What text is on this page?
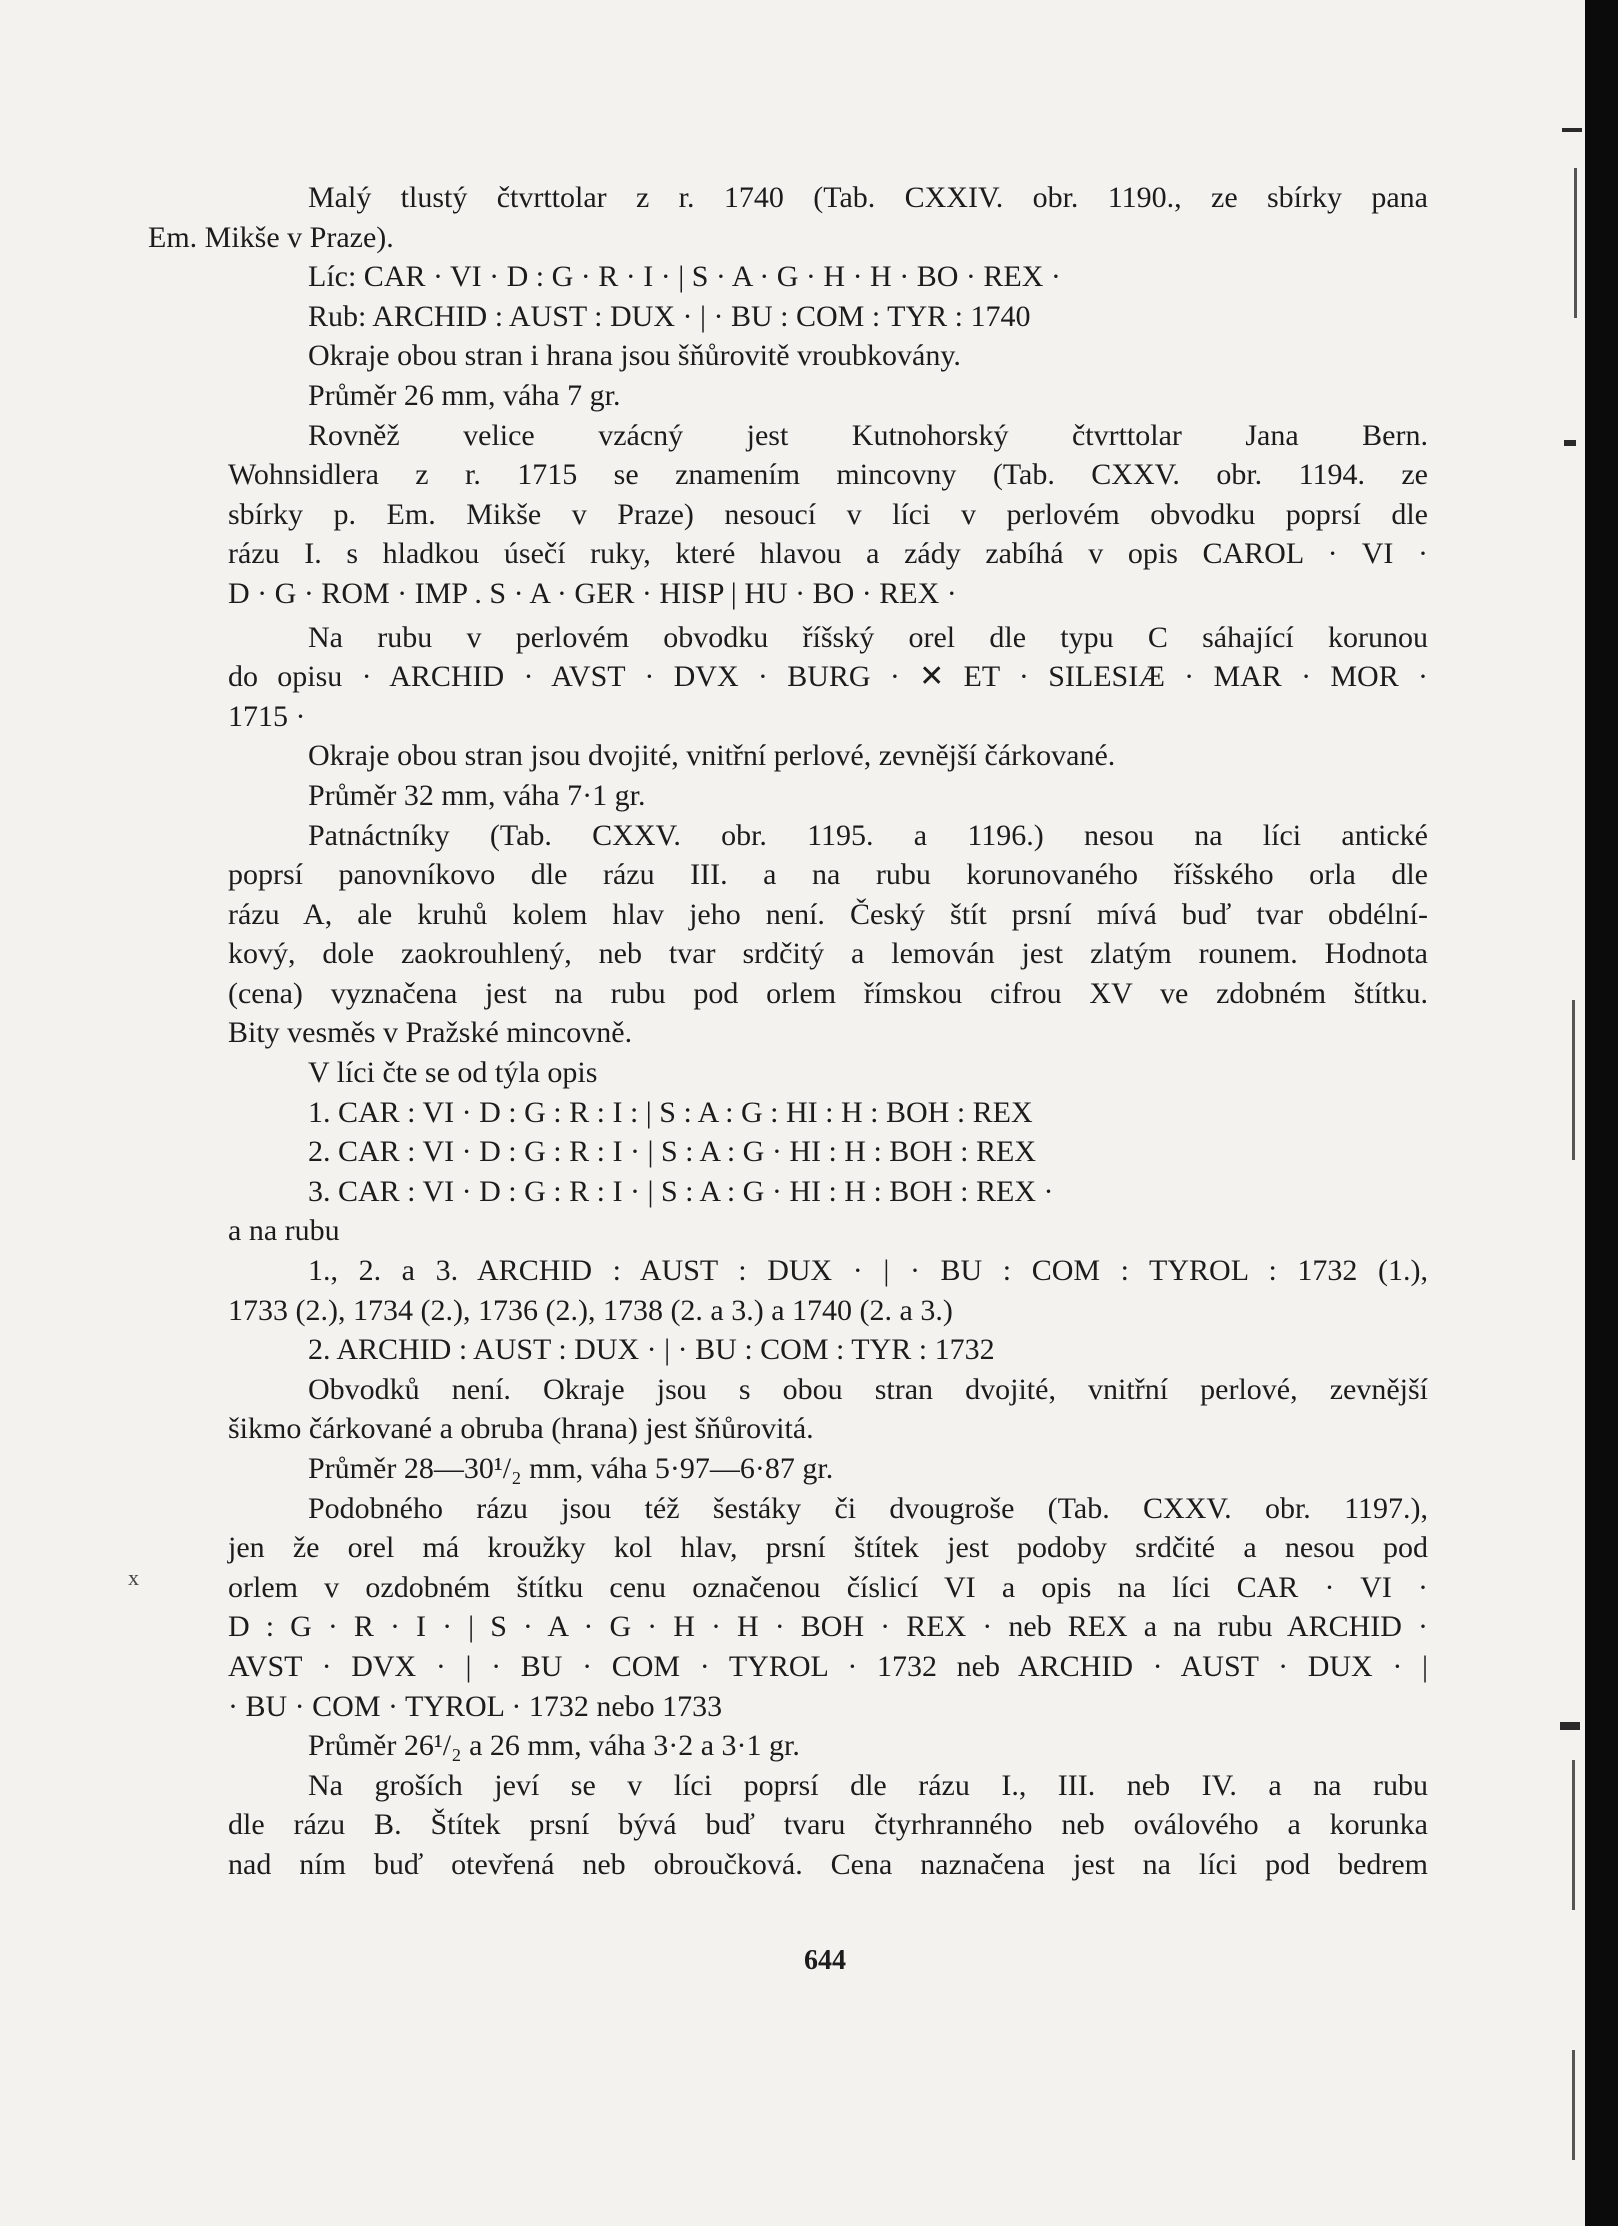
x
Malý tlustý čtvrttolar z r. 1740 (Tab. CXXIV. obr. 1190., ze sbírky pana
Em. Mikše v Praze).
Líc: CAR · VI · D : G · R · I · | S · A · G · H · H · BO · REX ·
Rub: ARCHID : AUST : DUX · | · BU : COM : TYR : 1740
Okraje obou stran i hrana jsou šňůrovitě vroubkovány.
Průměr 26 mm, váha 7 gr.
Rovněž velice vzácný jest Kutnohorský čtvrttolar Jana Bern.
Wohnsidlera z r. 1715 se znamením mincovny (Tab. CXXV. obr. 1194. ze
sbírky p. Em. Mikše v Praze) nesoucí v líci v perlovém obvodku poprsí dle
rázu I. s hladkou úsečí ruky, které hlavou a zády zabíhá v opis CAROL · VI ·
D · G · ROM · IMP . S · A · GER · HISP | HU · BO · REX ·
Na rubu v perlovém obvodku říšský orel dle typu C sáhající korunou
do opisu · ARCHID · AVST · DVX · BURG · ✕ ET · SILESIÆ · MAR · MOR ·
1715 ·
Okraje obou stran jsou dvojité, vnitřní perlové, zevnější čárkované.
Průměr 32 mm, váha 7·1 gr.
Patnáctníky (Tab. CXXV. obr. 1195. a 1196.) nesou na líci antické
poprsí panovníkovo dle rázu III. a na rubu korunovaného říšského orla dle
rázu A, ale kruhů kolem hlav jeho není. Český štít prsní mívá buď tvar obdélní-
kový, dole zaokrouhlený, neb tvar srdčitý a lemován jest zlatým rounem. Hodnota
(cena) vyznačena jest na rubu pod orlem římskou cifrou XV ve zdobném štítku.
Bity vesměs v Pražské mincovně.
V líci čte se od týla opis
1. CAR : VI · D : G : R : I : | S : A : G : HI : H : BOH : REX
2. CAR : VI · D : G : R : I · | S : A : G · HI : H : BOH : REX
3. CAR : VI · D : G : R : I · | S : A : G · HI : H : BOH : REX ·
a na rubu
1., 2. a 3. ARCHID : AUST : DUX · | · BU : COM : TYROL : 1732 (1.),
1733 (2.), 1734 (2.), 1736 (2.), 1738 (2. a 3.) a 1740 (2. a 3.)
2. ARCHID : AUST : DUX · | · BU : COM : TYR : 1732
Obvodků není. Okraje jsou s obou stran dvojité, vnitřní perlové, zevnější
šikmo čárkované a obruba (hrana) jest šňůrovitá.
Průměr 28—30¹/₂ mm, váha 5·97—6·87 gr.
Podobného rázu jsou též šestáky či dvougroše (Tab. CXXV. obr. 1197.),
jen že orel má kroužky kol hlav, prsní štítek jest podoby srdčité a nesou pod
orlem v ozdobném štítku cenu označenou číslicí VI a opis na líci CAR · VI ·
D : G · R · I · | S · A · G · H · H · BOH · REX · neb REX a na rubu ARCHID ·
AVST · DVX · | · BU · COM · TYROL · 1732 neb ARCHID · AUST · DUX · |
· BU · COM · TYROL · 1732 nebo 1733
Průměr 26¹/₂ a 26 mm, váha 3·2 a 3·1 gr.
Na groších jeví se v líci poprsí dle rázu I., III. neb IV. a na rubu
dle rázu B. Štítek prsní bývá buď tvaru čtyrhranného neb oválového a korunka
nad ním buď otevřená neb obroučková. Cena naznačena jest na líci pod bedrem
644
